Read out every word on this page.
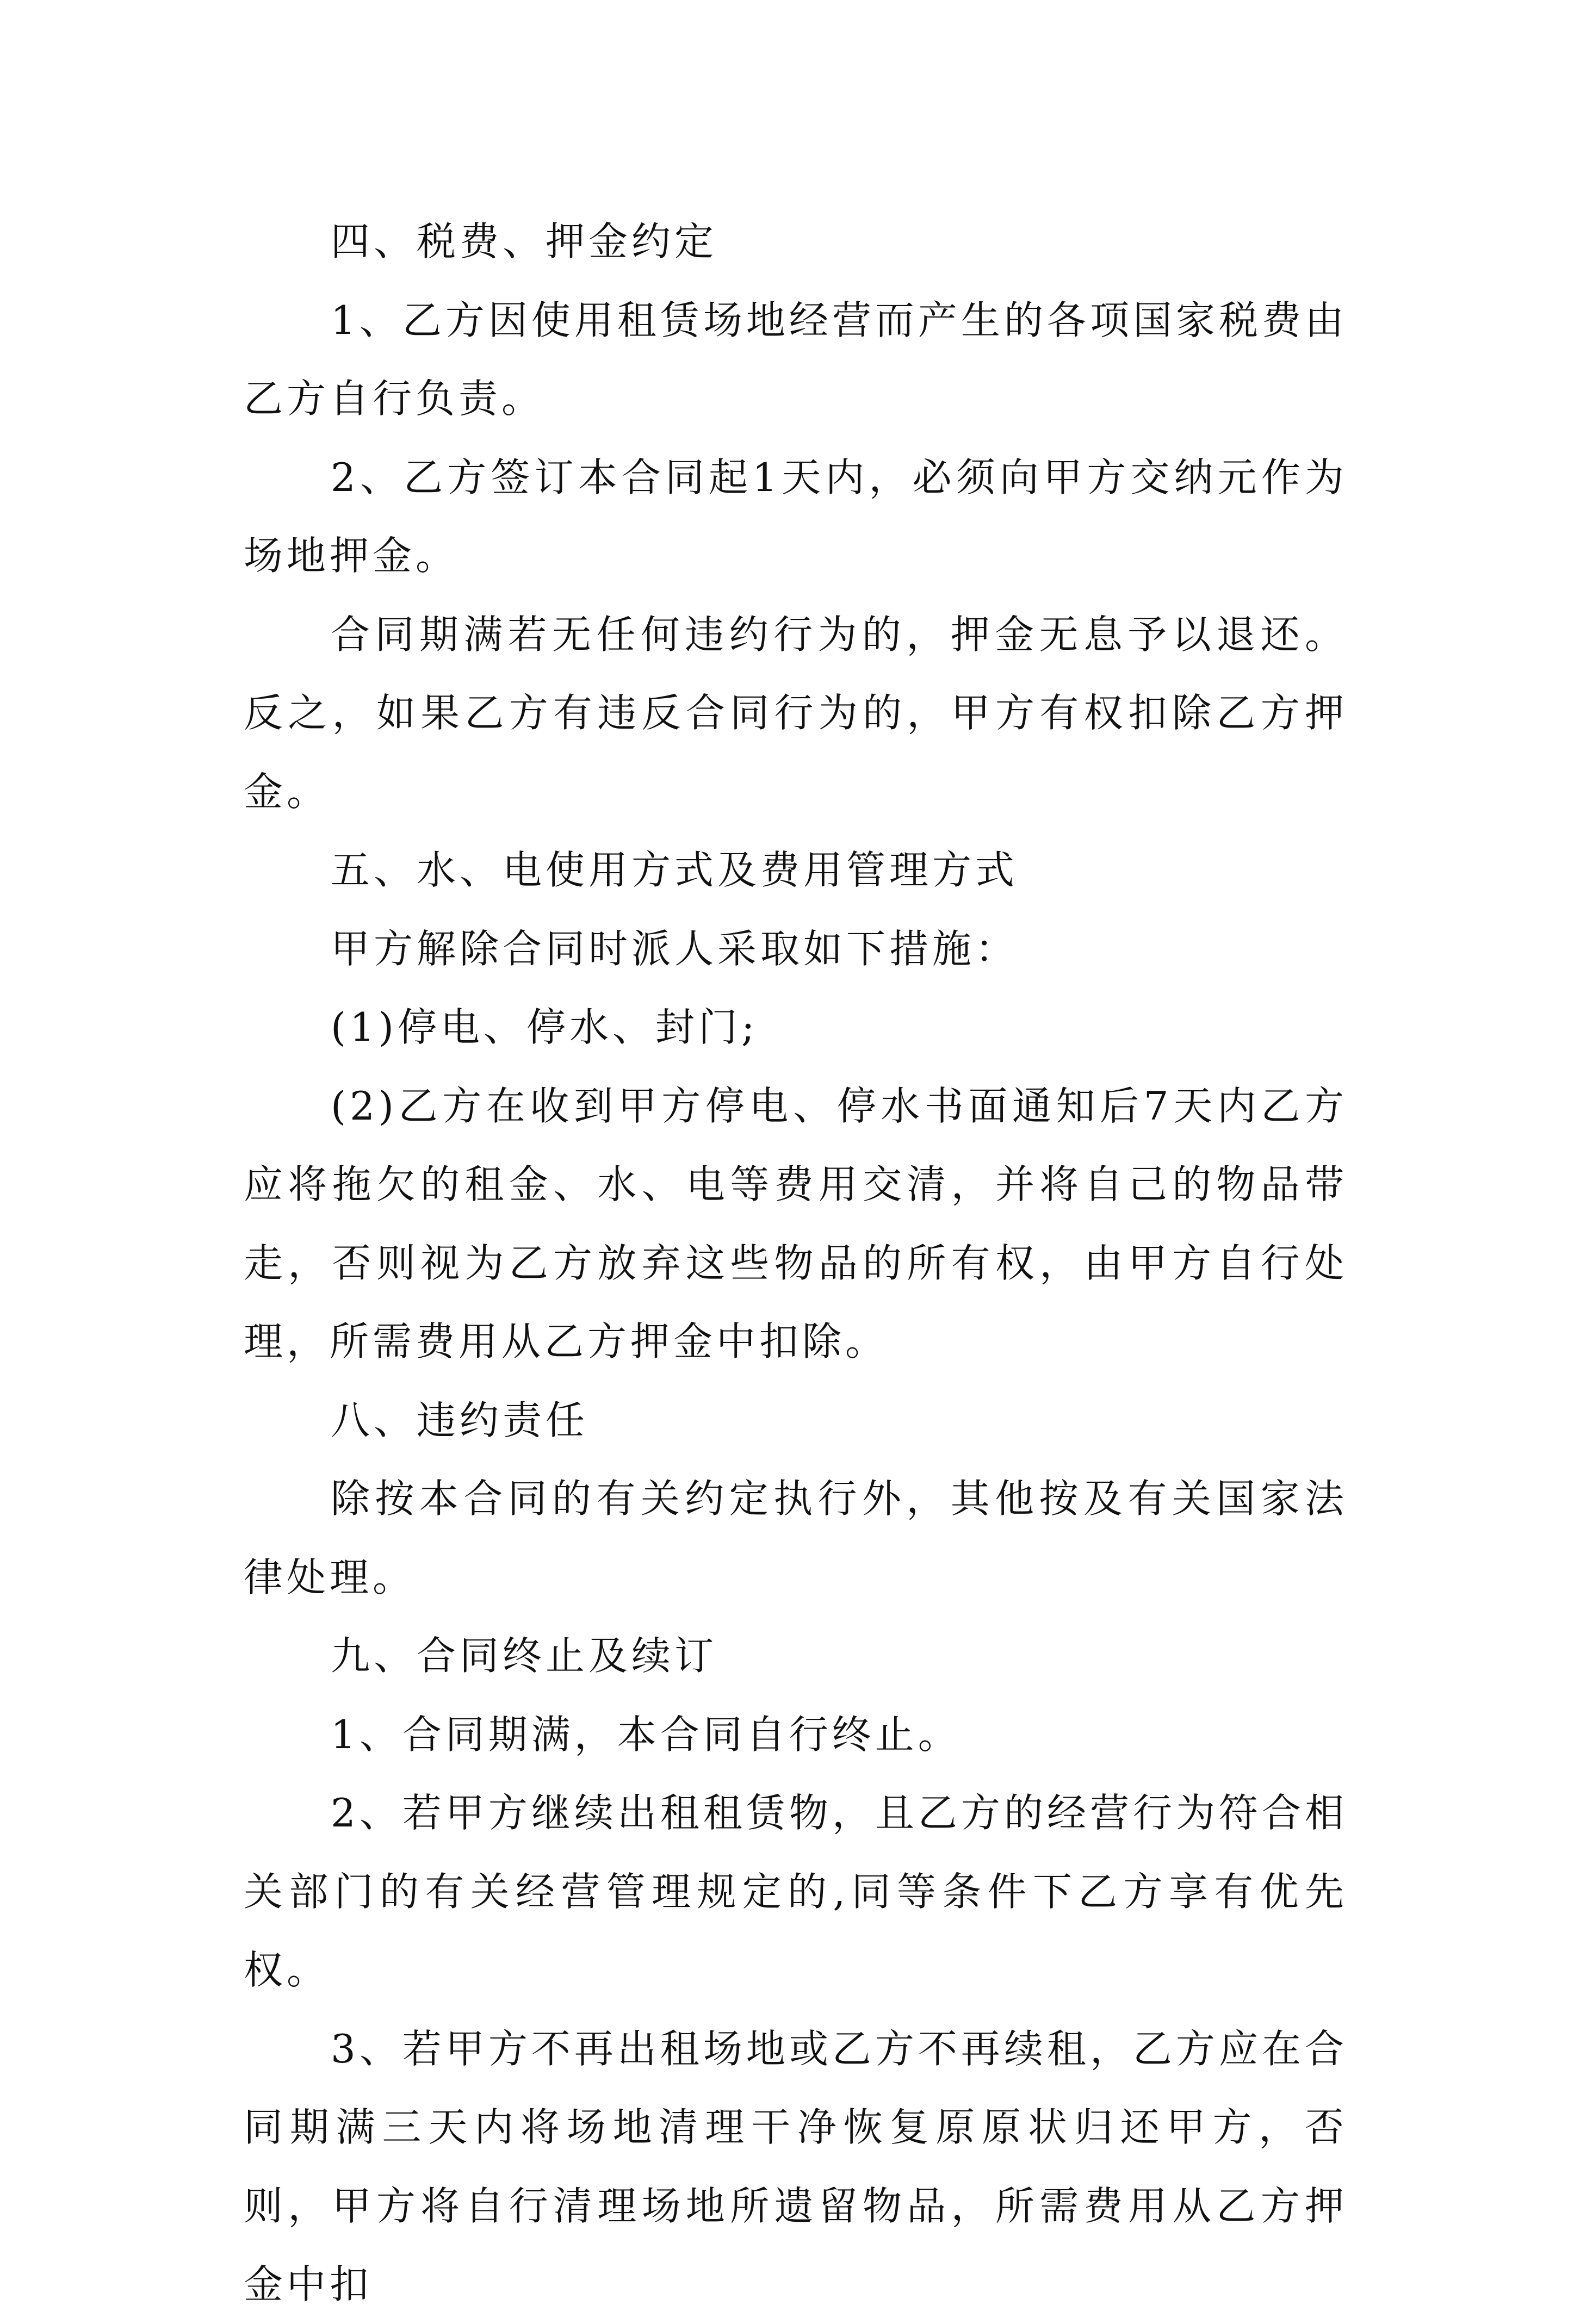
四、税费、押金约定

1、乙方因使用租赁场地经营而产生的各项国家税费由乙方自行负责。

2、乙方签订本合同起1天内，必须向甲方交纳元作为场地押金。

合同期满若无任何违约行为的，押金无息予以退还。反之，如果乙方有违反合同行为的，甲方有权扣除乙方押金。

五、水、电使用方式及费用管理方式

甲方解除合同时派人采取如下措施：

(1)停电、停水、封门;

(2)乙方在收到甲方停电、停水书面通知后7天内乙方应将拖欠的租金、水、电等费用交清，并将自己的物品带走，否则视为乙方放弃这些物品的所有权，由甲方自行处理，所需费用从乙方押金中扣除。

八、违约责任

除按本合同的有关约定执行外，其他按及有关国家法律处理。

九、合同终止及续订

1、合同期满，本合同自行终止。

2、若甲方继续出租租赁物，且乙方的经营行为符合相关部门的有关经营管理规定的,同等条件下乙方享有优先权。

3、若甲方不再出租场地或乙方不再续租，乙方应在合同期满三天内将场地清理干净恢复原原状归还甲方，否则，甲方将自行清理场地所遗留物品，所需费用从乙方押金中扣
